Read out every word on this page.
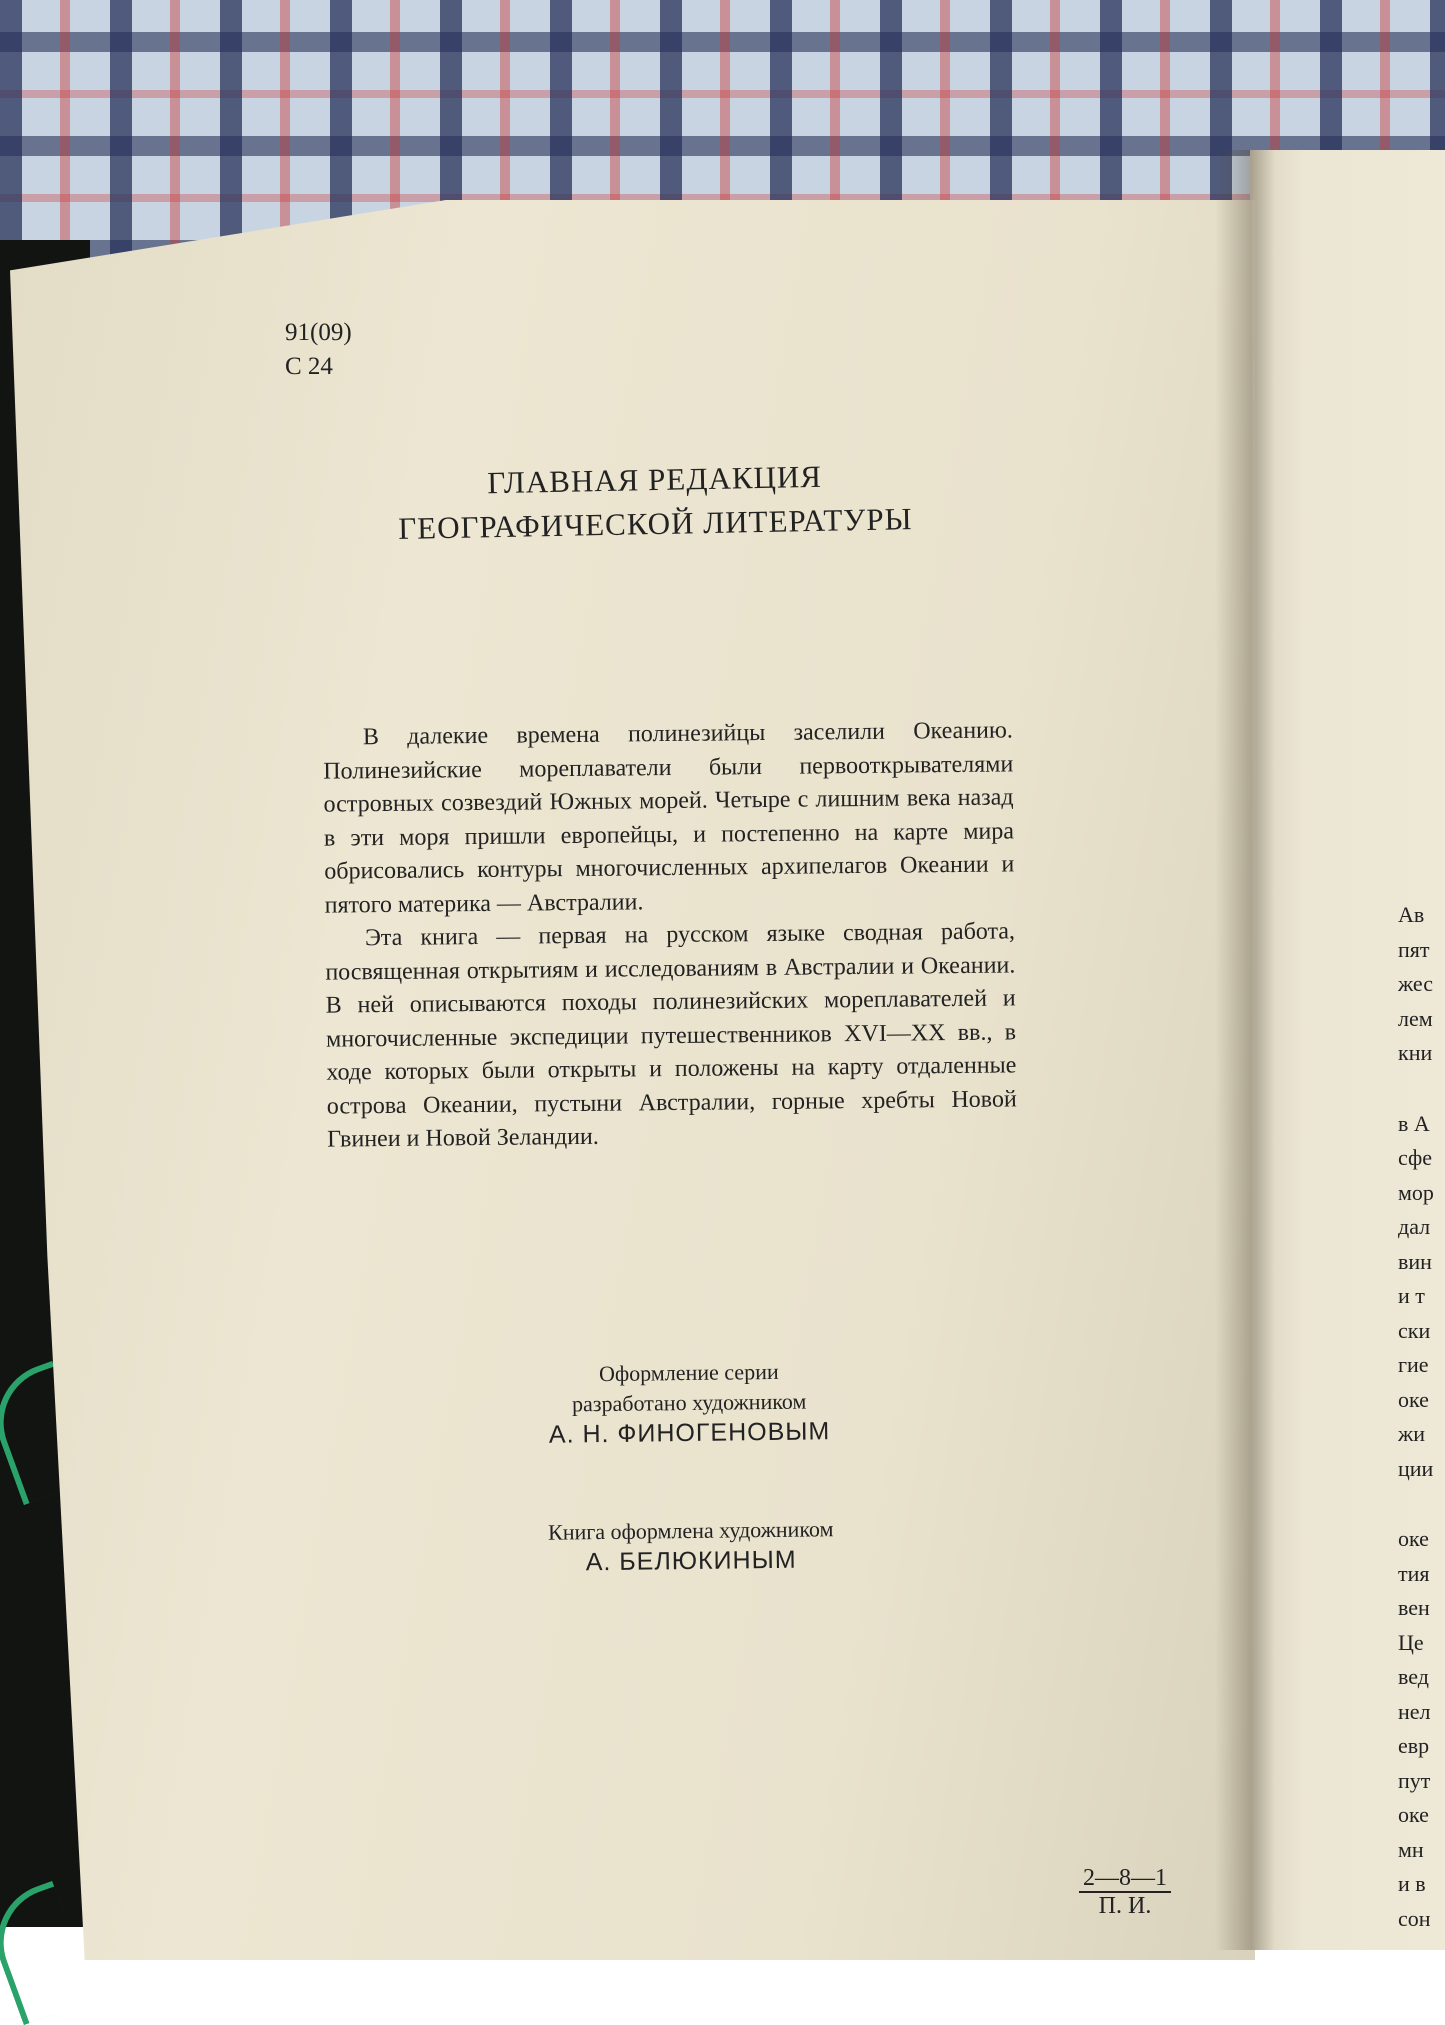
Ав
пят
жес
лем
кни
в А
сфе
мор
дал
вин
и т
ски
гие
оке
жи
ции
оке
тия
вен
Це
вед
нел
евр
пут
оке
мн
и в
сон
91(09)
С 24
ГЛАВНАЯ РЕДАКЦИЯ
ГЕОГРАФИЧЕСКОЙ ЛИТЕРАТУРЫ

В далекие времена полинезийцы заселили Океанию. Полинезийские мореплаватели были первооткрывателями островных созвездий Южных морей. Четыре с лишним века назад в эти моря пришли европейцы, и постепенно на карте мира обрисовались контуры многочисленных архипелагов Океании и пятого материка — Австралии.

Эта книга — первая на русском языке сводная работа, посвященная открытиям и исследованиям в Австралии и Океании. В ней описываются походы полинезийских мореплавателей и многочисленные экспедиции путешественников XVI—XX вв., в ходе которых были открыты и положены на карту отдаленные острова Океании, пустыни Австралии, горные хребты Новой Гвинеи и Новой Зеландии.

Оформление серии
разработано художником
А. Н. ФИНОГЕНОВЫМ
Книга оформлена художником
А. БЕЛЮКИНЫМ
2—8—1
П. И.
